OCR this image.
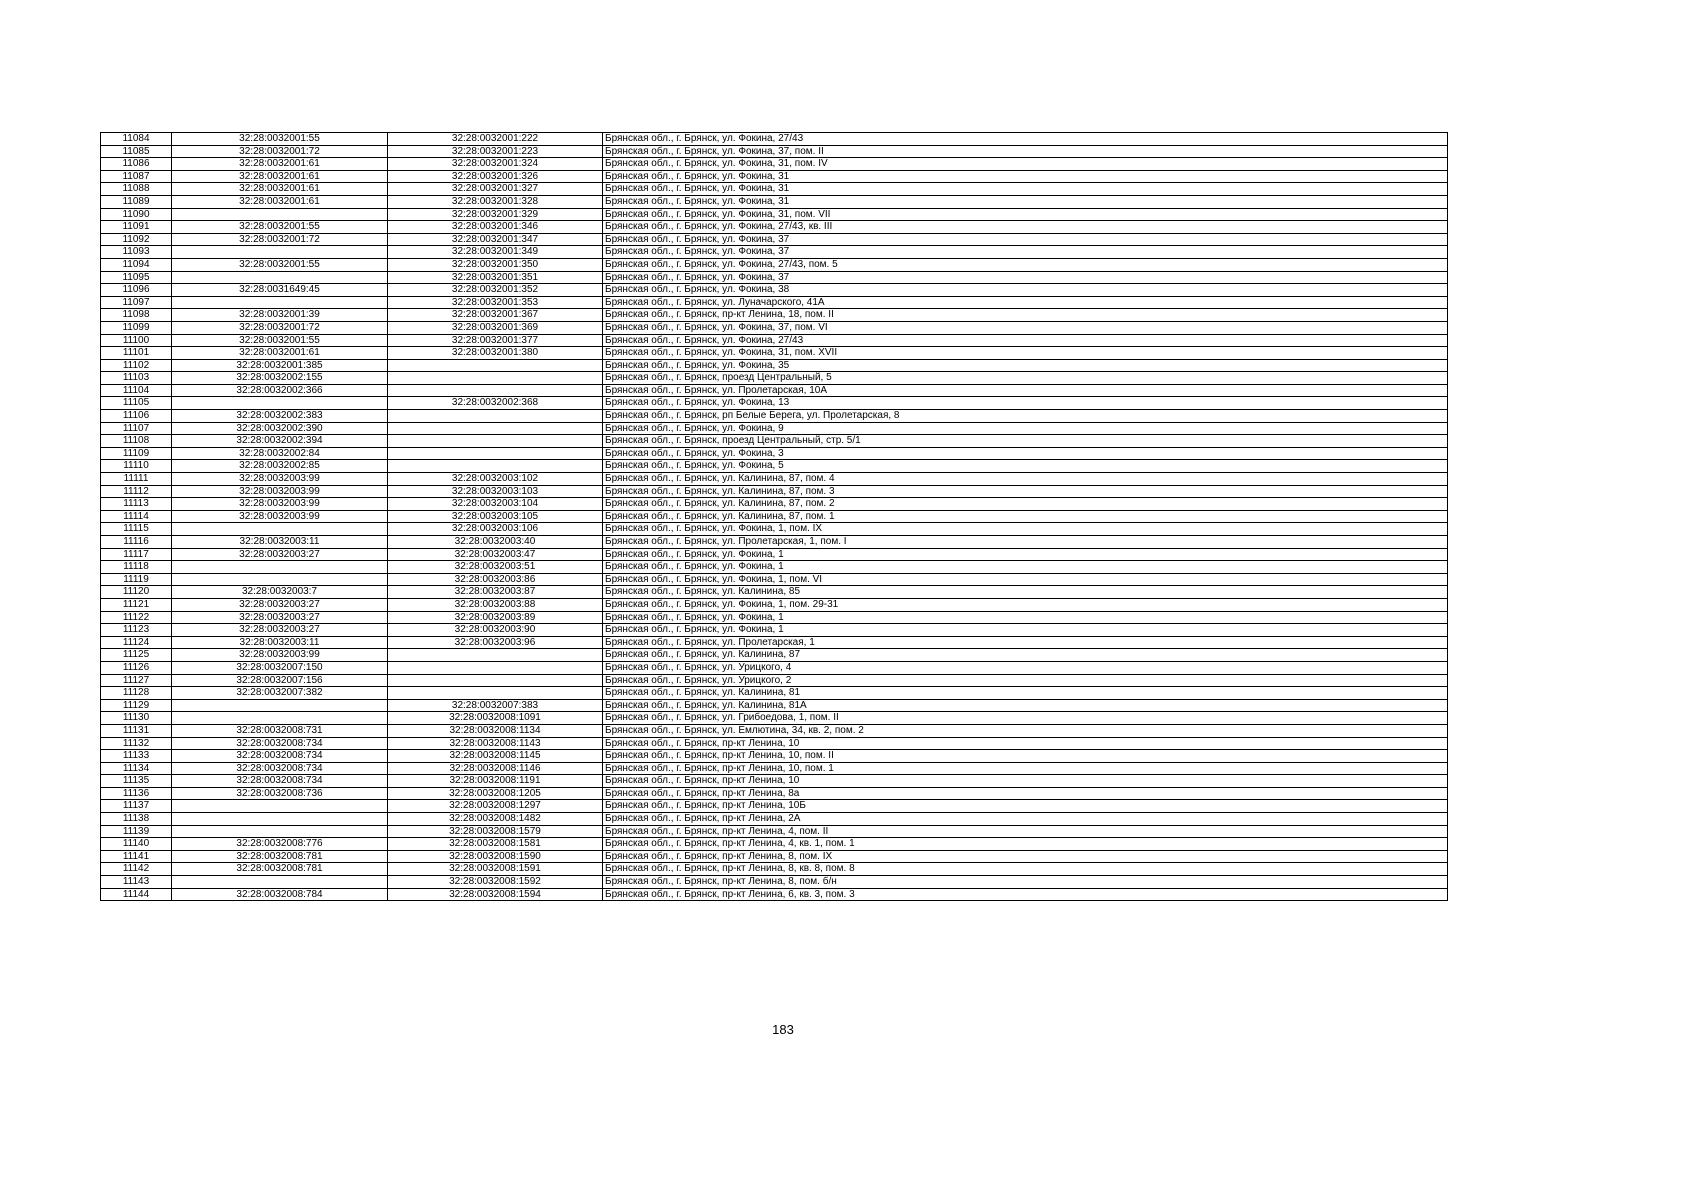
11084	32:28:0032001:55	32:28:0032001:222	Брянская обл., г. Брянск, ул. Фокина, 27/43
11085	32:28:0032001:72	32:28:0032001:223	Брянская обл., г. Брянск, ул. Фокина, 37, пом. II
11086	32:28:0032001:61	32:28:0032001:324	Брянская обл., г. Брянск, ул. Фокина, 31, пом. IV
11087	32:28:0032001:61	32:28:0032001:326	Брянская обл., г. Брянск, ул. Фокина, 31
11088	32:28:0032001:61	32:28:0032001:327	Брянская обл., г. Брянск, ул. Фокина, 31
11089	32:28:0032001:61	32:28:0032001:328	Брянская обл., г. Брянск, ул. Фокина, 31
11090		32:28:0032001:329	Брянская обл., г. Брянск, ул. Фокина, 31, пом. VII
11091	32:28:0032001:55	32:28:0032001:346	Брянская обл., г. Брянск, ул. Фокина, 27/43, кв. III
11092	32:28:0032001:72	32:28:0032001:347	Брянская обл., г. Брянск, ул. Фокина, 37
11093		32:28:0032001:349	Брянская обл., г. Брянск, ул. Фокина, 37
11094	32:28:0032001:55	32:28:0032001:350	Брянская обл., г. Брянск, ул. Фокина, 27/43, пом. 5
11095		32:28:0032001:351	Брянская обл., г. Брянск, ул. Фокина, 37
11096	32:28:0031649:45	32:28:0032001:352	Брянская обл., г. Брянск, ул. Фокина, 38
11097		32:28:0032001:353	Брянская обл., г. Брянск, ул. Луначарского, 41А
11098	32:28:0032001:39	32:28:0032001:367	Брянская обл., г. Брянск, пр-кт Ленина, 18, пом. II
11099	32:28:0032001:72	32:28:0032001:369	Брянская обл., г. Брянск, ул. Фокина, 37, пом. VI
11100	32:28:0032001:55	32:28:0032001:377	Брянская обл., г. Брянск, ул. Фокина, 27/43
11101	32:28:0032001:61	32:28:0032001:380	Брянская обл., г. Брянск, ул. Фокина, 31, пом. XVII
11102	32:28:0032001:385		Брянская обл., г. Брянск, ул. Фокина, 35
11103	32:28:0032002:155		Брянская обл., г. Брянск, проезд Центральный, 5
11104	32:28:0032002:366		Брянская обл., г. Брянск, ул. Пролетарская, 10А
11105		32:28:0032002:368	Брянская обл., г. Брянск, ул. Фокина, 13
11106	32:28:0032002:383		Брянская обл., г. Брянск, рп Белые Берега, ул. Пролетарская, 8
11107	32:28:0032002:390		Брянская обл., г. Брянск, ул. Фокина, 9
11108	32:28:0032002:394		Брянская обл., г. Брянск, проезд Центральный, стр. 5/1
11109	32:28:0032002:84		Брянская обл., г. Брянск, ул. Фокина, 3
11110	32:28:0032002:85		Брянская обл., г. Брянск, ул. Фокина, 5
11111	32:28:0032003:99	32:28:0032003:102	Брянская обл., г. Брянск, ул. Калинина, 87, пом. 4
11112	32:28:0032003:99	32:28:0032003:103	Брянская обл., г. Брянск, ул. Калинина, 87, пом. 3
11113	32:28:0032003:99	32:28:0032003:104	Брянская обл., г. Брянск, ул. Калинина, 87, пом. 2
11114	32:28:0032003:99	32:28:0032003:105	Брянская обл., г. Брянск, ул. Калинина, 87, пом. 1
11115		32:28:0032003:106	Брянская обл., г. Брянск, ул. Фокина, 1, пом. IX
11116	32:28:0032003:11	32:28:0032003:40	Брянская обл., г. Брянск, ул. Пролетарская, 1, пом. I
11117	32:28:0032003:27	32:28:0032003:47	Брянская обл., г. Брянск, ул. Фокина, 1
11118		32:28:0032003:51	Брянская обл., г. Брянск, ул. Фокина, 1
11119		32:28:0032003:86	Брянская обл., г. Брянск, ул. Фокина, 1, пом. VI
11120	32:28:0032003:7	32:28:0032003:87	Брянская обл., г. Брянск, ул. Калинина, 85
11121	32:28:0032003:27	32:28:0032003:88	Брянская обл., г. Брянск, ул. Фокина, 1, пом. 29-31
11122	32:28:0032003:27	32:28:0032003:89	Брянская обл., г. Брянск, ул. Фокина, 1
11123	32:28:0032003:27	32:28:0032003:90	Брянская обл., г. Брянск, ул. Фокина, 1
11124	32:28:0032003:11	32:28:0032003:96	Брянская обл., г. Брянск, ул. Пролетарская, 1
11125	32:28:0032003:99		Брянская обл., г. Брянск, ул. Калинина, 87
11126	32:28:0032007:150		Брянская обл., г. Брянск, ул. Урицкого, 4
11127	32:28:0032007:156		Брянская обл., г. Брянск, ул. Урицкого, 2
11128	32:28:0032007:382		Брянская обл., г. Брянск, ул. Калинина, 81
11129		32:28:0032007:383	Брянская обл., г. Брянск, ул. Калинина, 81А
11130		32:28:0032008:1091	Брянская обл., г. Брянск, ул. Грибоедова, 1, пом. II
11131	32:28:0032008:731	32:28:0032008:1134	Брянская обл., г. Брянск, ул. Емлютина, 34, кв. 2, пом. 2
11132	32:28:0032008:734	32:28:0032008:1143	Брянская обл., г. Брянск, пр-кт Ленина, 10
11133	32:28:0032008:734	32:28:0032008:1145	Брянская обл., г. Брянск, пр-кт Ленина, 10, пом. II
11134	32:28:0032008:734	32:28:0032008:1146	Брянская обл., г. Брянск, пр-кт Ленина, 10, пом. 1
11135	32:28:0032008:734	32:28:0032008:1191	Брянская обл., г. Брянск, пр-кт Ленина, 10
11136	32:28:0032008:736	32:28:0032008:1205	Брянская обл., г. Брянск, пр-кт Ленина, 8а
11137		32:28:0032008:1297	Брянская обл., г. Брянск, пр-кт Ленина, 10Б
11138		32:28:0032008:1482	Брянская обл., г. Брянск, пр-кт Ленина, 2А
11139		32:28:0032008:1579	Брянская обл., г. Брянск, пр-кт Ленина, 4, пом. II
11140	32:28:0032008:776	32:28:0032008:1581	Брянская обл., г. Брянск, пр-кт Ленина, 4, кв. 1, пом. 1
11141	32:28:0032008:781	32:28:0032008:1590	Брянская обл., г. Брянск, пр-кт Ленина, 8, пом. IX
11142	32:28:0032008:781	32:28:0032008:1591	Брянская обл., г. Брянск, пр-кт Ленина, 8, кв. 8, пом. 8
11143		32:28:0032008:1592	Брянская обл., г. Брянск, пр-кт Ленина, 8, пом. б/н
11144	32:28:0032008:784	32:28:0032008:1594	Брянская обл., г. Брянск, пр-кт Ленина, 6, кв. 3, пом. 3
183
